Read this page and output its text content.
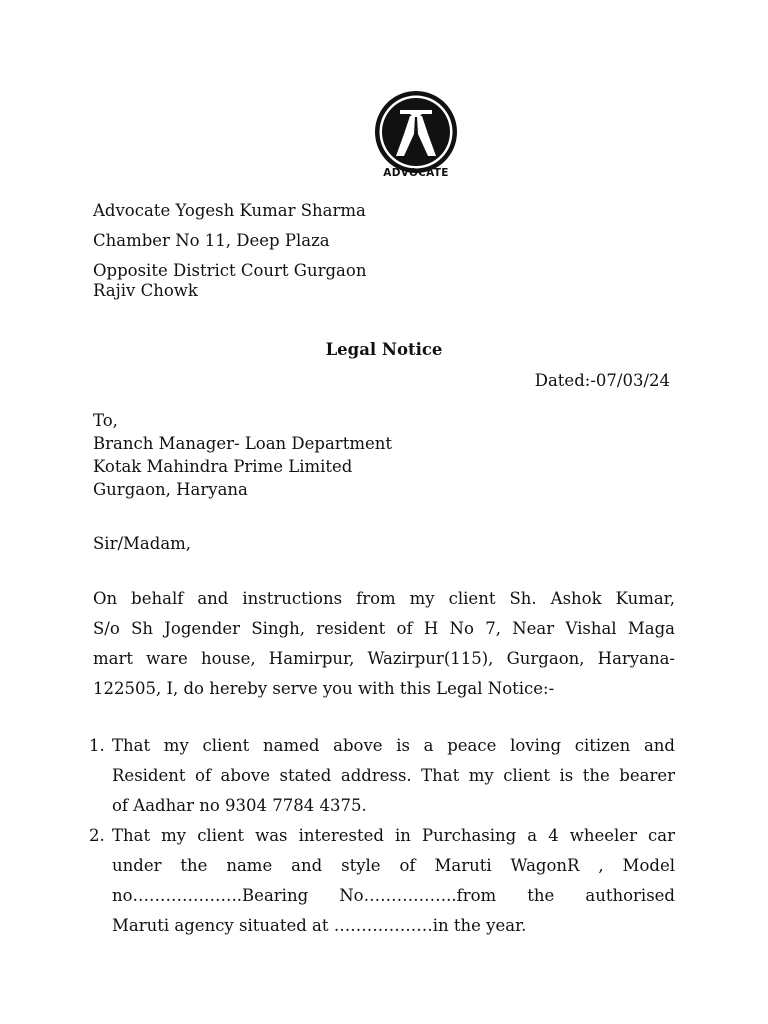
ADVOCATE
Advocate Yogesh Kumar Sharma
Chamber No 11, Deep Plaza
Opposite District Court Gurgaon
Rajiv Chowk
Legal Notice
Dated:-07/03/24
To,
Branch Manager- Loan Department
Kotak Mahindra Prime Limited
Gurgaon, Haryana
Sir/Madam,
On behalf and instructions from my client Sh. Ashok Kumar,
S/o Sh Jogender Singh, resident of H No 7, Near Vishal Maga
mart ware house, Hamirpur, Wazirpur(115), Gurgaon, Haryana-
122505, I, do hereby serve you with this Legal Notice:-
1. That my client named above is a peace loving citizen and
Resident of above stated address. That my client is the bearer
of Aadhar no 9304 7784 4375.
2. That my client was interested in Purchasing a 4 wheeler car
under the name and style of Maruti WagonR , Model
no………………..Bearing No……………..from the authorised
Maruti agency situated at ………………in the year.
